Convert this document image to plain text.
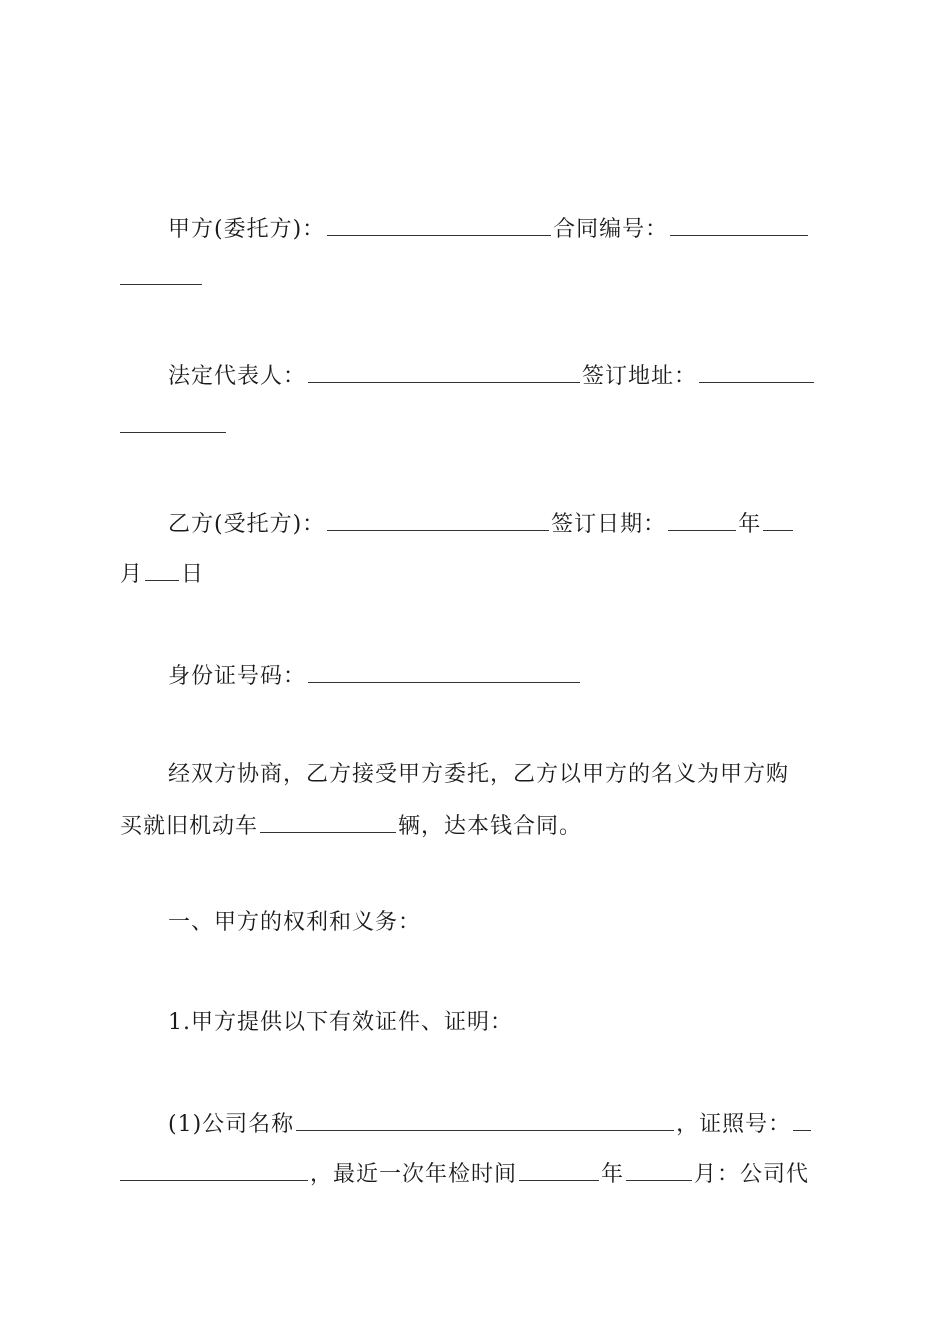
甲方(委托方)：	合同编号：
法定代表人：	签订地址：
乙方(受托方)：	签订日期：	年
月 日
身份证号码：
经双方协商，乙方接受甲方委托，乙方以甲方的名义为甲方购
买就旧机动车	辆，达本钱合同。
一、甲方的权利和义务：
1.甲方提供以下有效证件、证明：
(1)公司名称	，证照号：
，最近一次年检时间	年	月：公司代
